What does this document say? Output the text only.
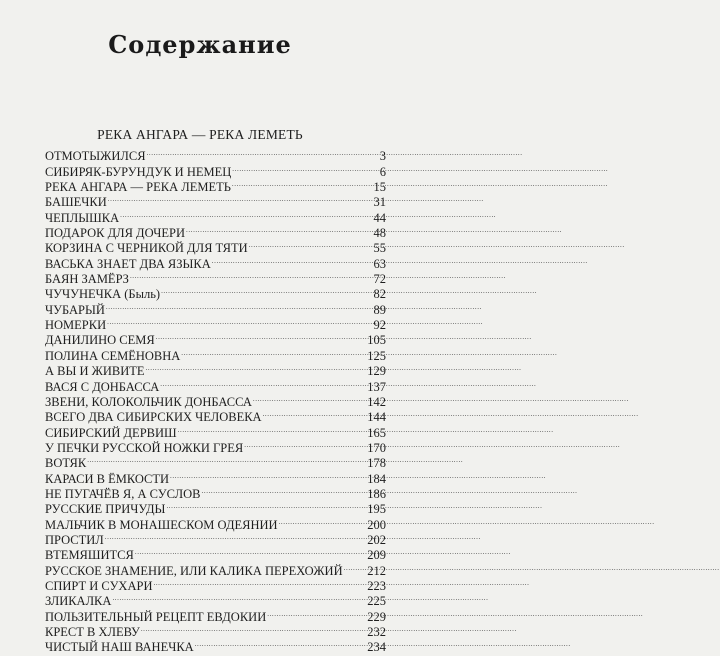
Содержание
РЕКА АНГАРА — РЕКА ЛЕМЕТЬ
ОТМОТЫЖИЛСЯ .....	3
СИБИРЯК-БУРУНДУК И НЕМЕЦ .....	6
РЕКА АНГАРА — РЕКА ЛЕМЕТЬ .....	15
БАШЕЧКИ .....	31
ЧЕПЛЫШКА .....	44
ПОДАРОК ДЛЯ ДОЧЕРИ .....	48
КОРЗИНА С ЧЕРНИКОЙ ДЛЯ ТЯТИ .....	55
ВАСЬКА ЗНАЕТ ДВА ЯЗЫКА .....	63
БАЯН ЗАМЁРЗ .....	72
ЧУЧУНЕЧКА (Быль) .....	82
ЧУБАРЫЙ .....	89
НОМЕРКИ .....	92
ДАНИЛИНО СЕМЯ .....	105
ПОЛИНА СЕМЁНОВНА .....	125
А ВЫ И ЖИВИТЕ .....	129
ВАСЯ С ДОНБАССА .....	137
ЗВЕНИ, КОЛОКОЛЬЧИК ДОНБАССА .....	142
ВСЕГО ДВА СИБИРСКИХ ЧЕЛОВЕКА .....	144
СИБИРСКИЙ ДЕРВИШ .....	165
У ПЕЧКИ РУССКОЙ НОЖКИ ГРЕЯ .....	170
ВОТЯК .....	178
КАРАСИ В ЁМКОСТИ .....	184
НЕ ПУГАЧЁВ Я, А СУСЛОВ .....	186
РУССКИЕ ПРИЧУДЫ .....	195
МАЛЬЧИК В МОНАШЕСКОМ ОДЕЯНИИ .....	200
ПРОСТИЛ .....	202
ВТЕМЯШИТСЯ .....	209
РУССКОЕ ЗНАМЕНИЕ, ИЛИ КАЛИКА ПЕРЕХОЖИЙ ..... 212
СПИРТ И СУХАРИ .....	223
ЗЛИКАЛКА .....	225
ПОЛЬЗИТЕЛЬНЫЙ РЕЦЕПТ ЕВДОКИИ .....	229
КРЕСТ В ХЛЕВУ .....	232
ЧИСТЫЙ НАШ ВАНЕЧКА .....	234
